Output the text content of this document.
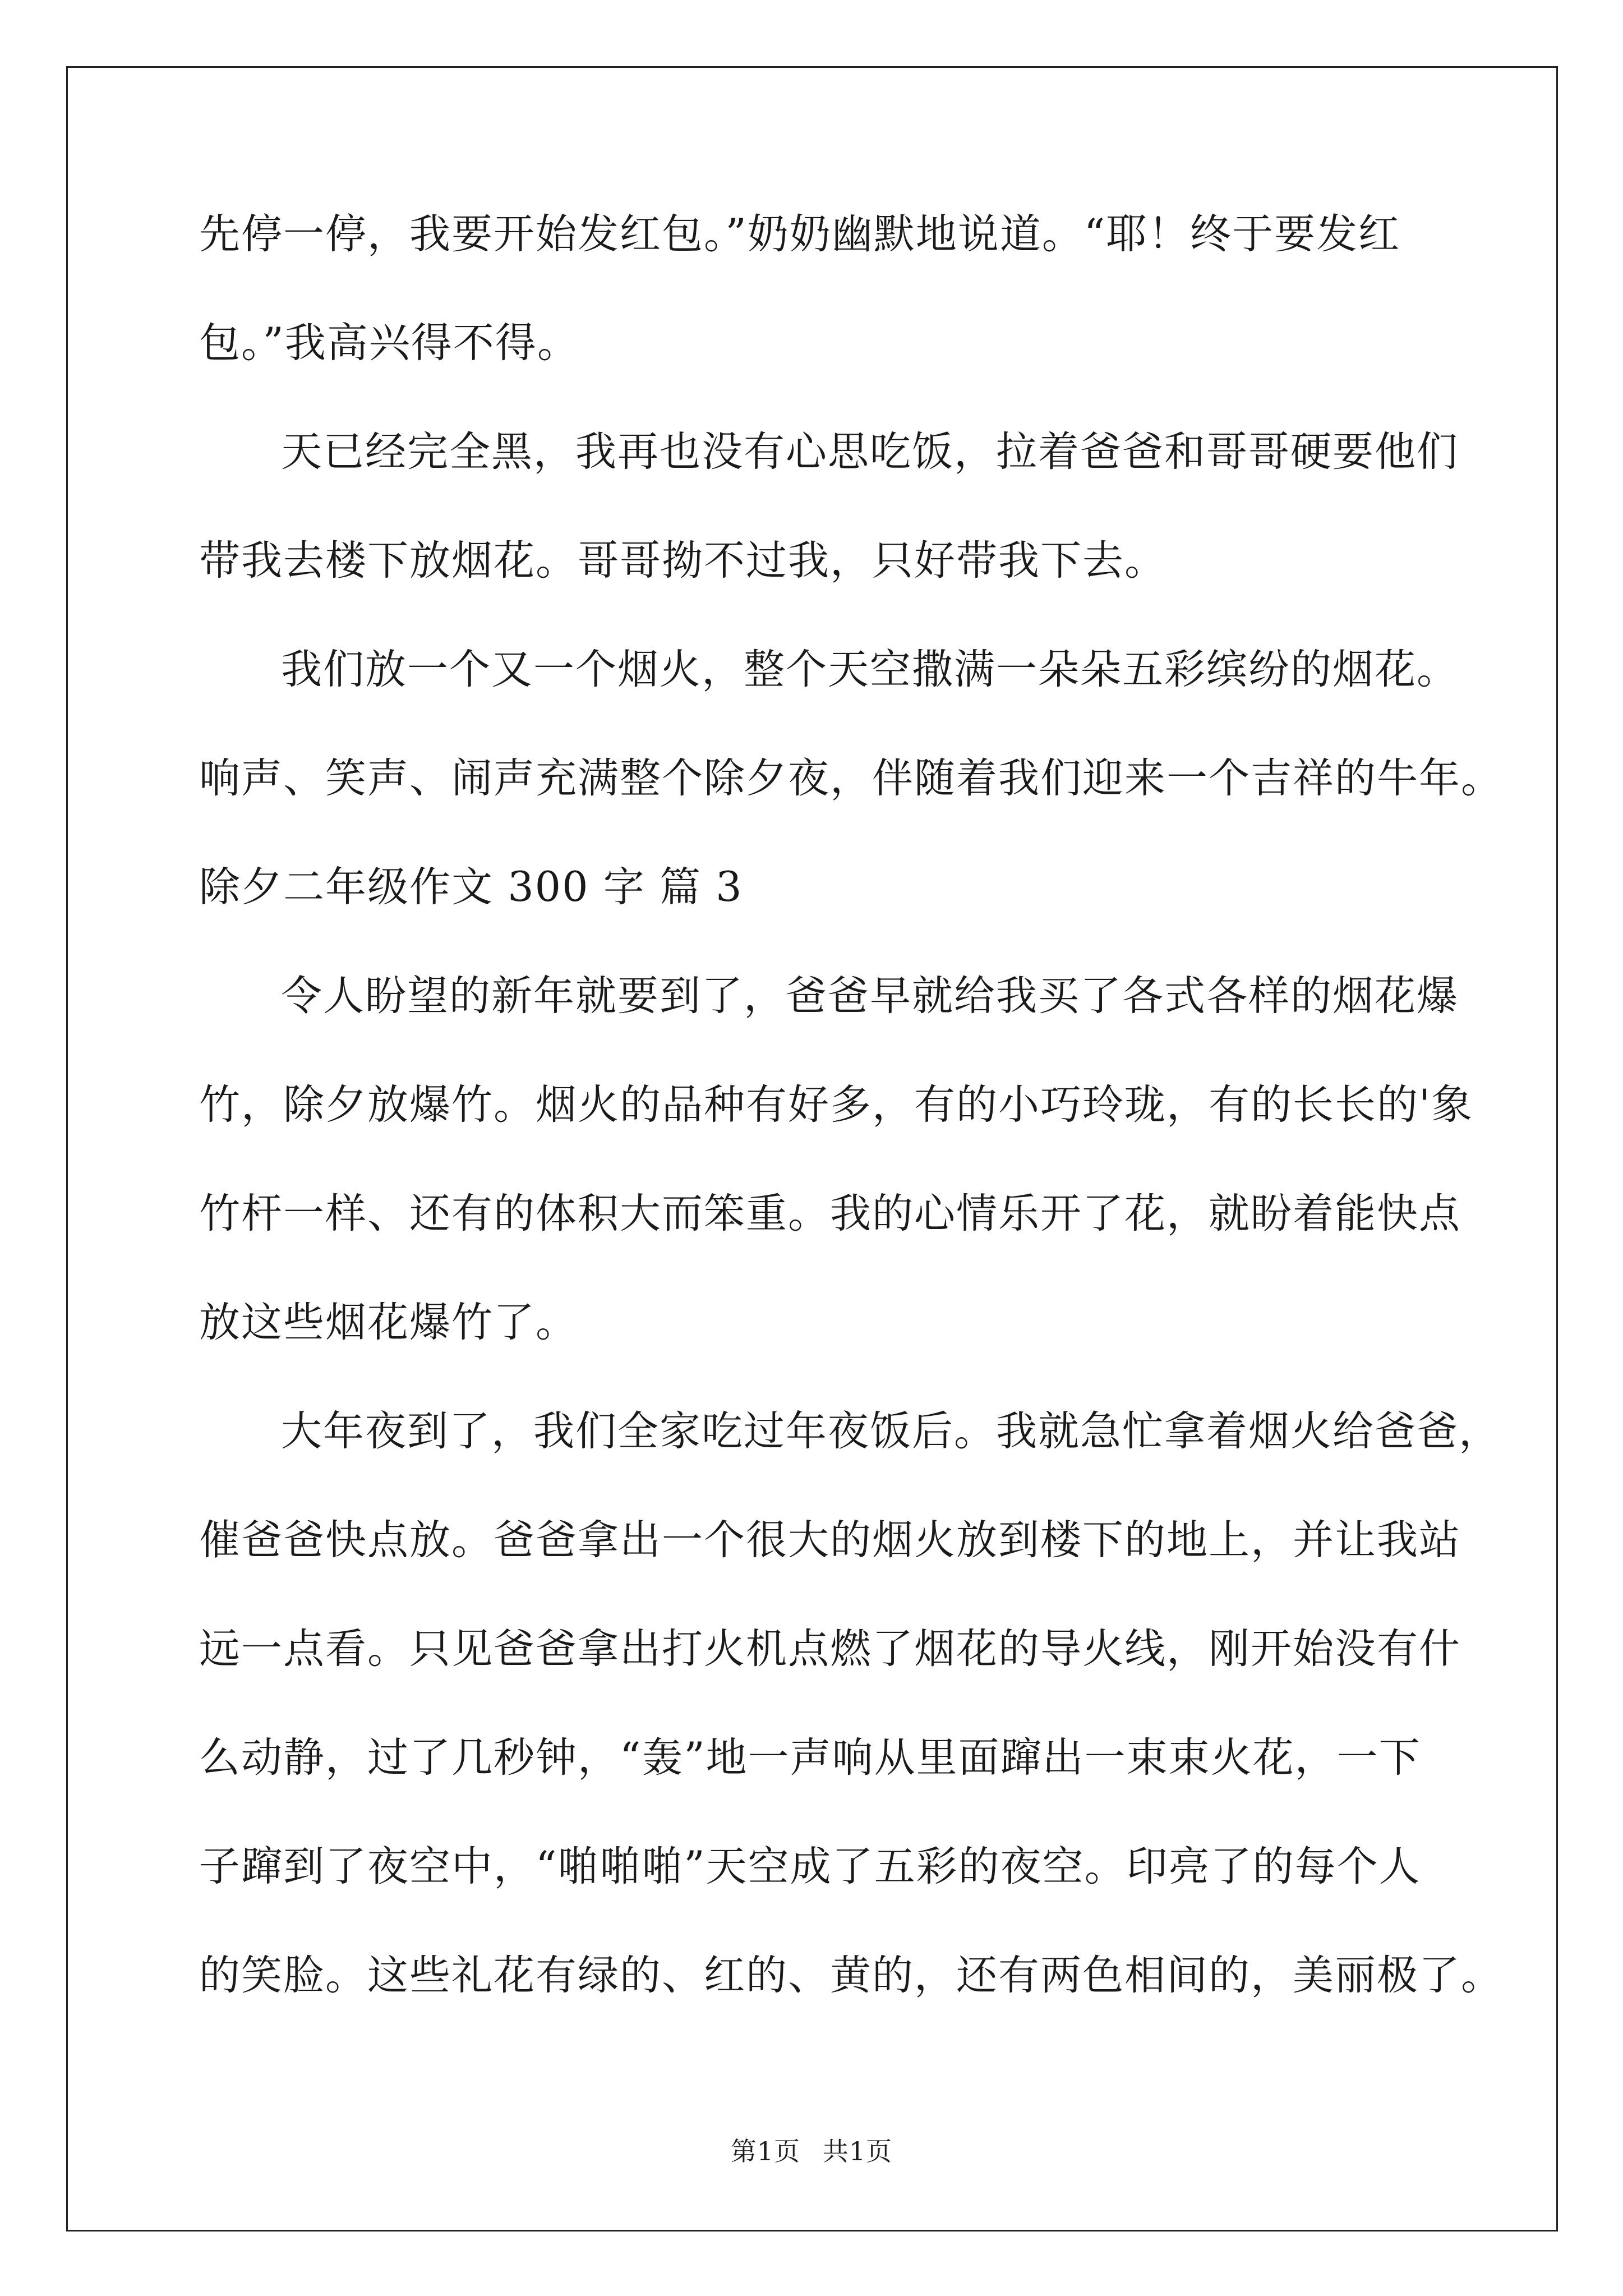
先停一停，我要开始发红包。”奶奶幽默地说道。“耶！终于要发红
包。”我高兴得不得。
天已经完全黑，我再也没有心思吃饭，拉着爸爸和哥哥硬要他们
带我去楼下放烟花。哥哥拗不过我，只好带我下去。
我们放一个又一个烟火，整个天空撒满一朵朵五彩缤纷的烟花。
响声、笑声、闹声充满整个除夕夜，伴随着我们迎来一个吉祥的牛年。
除夕二年级作文 300 字 篇 3
令人盼望的新年就要到了，爸爸早就给我买了各式各样的烟花爆
竹，除夕放爆竹。烟火的品种有好多，有的小巧玲珑，有的长长的'象
竹杆一样、还有的体积大而笨重。我的心情乐开了花，就盼着能快点
放这些烟花爆竹了。
大年夜到了，我们全家吃过年夜饭后。我就急忙拿着烟火给爸爸，
催爸爸快点放。爸爸拿出一个很大的烟火放到楼下的地上，并让我站
远一点看。只见爸爸拿出打火机点燃了烟花的导火线，刚开始没有什
么动静，过了几秒钟，“轰”地一声响从里面蹿出一束束火花，一下
子蹿到了夜空中，“啪啪啪”天空成了五彩的夜空。印亮了的每个人
的笑脸。这些礼花有绿的、红的、黄的，还有两色相间的，美丽极了。
第1页 共1页
